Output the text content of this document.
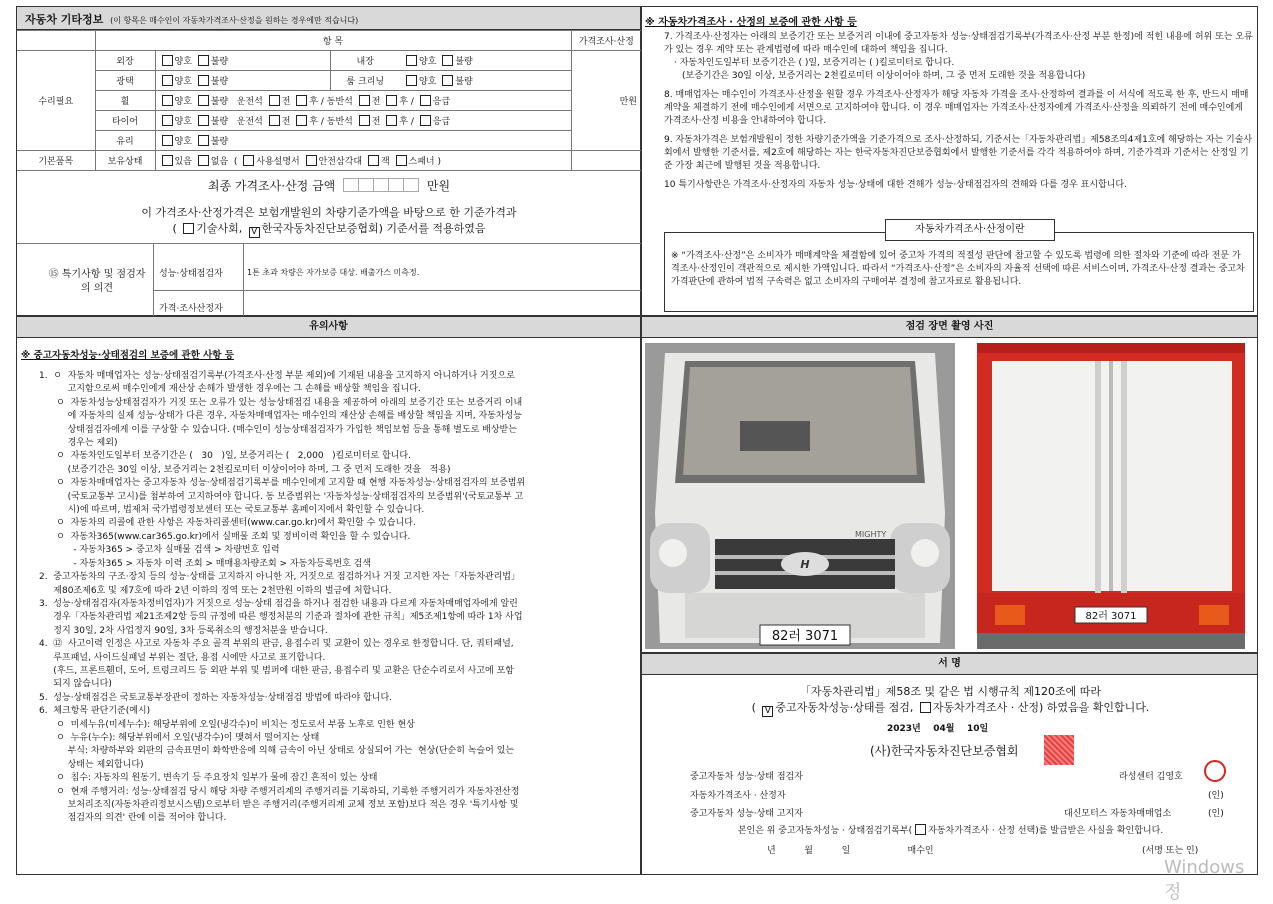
자동차 기타정보 (이 항목은 매수인이 자동차가격조사·산정을 원하는 경우에만 적습니다)
	항 목				가격조사·산정
수리필요	외장	양호 불량	내장	양호 불량	만원
	광택	양호 불량	룸 크리닝	양호 불량	
	휠	양호 불량 운전석 전 후 / 동반석 전 후 / 응급			
	타이어	양호 불량 운전석 전 후 / 동반석 전 후 / 응급			
	유리	양호 불량			
기본품목	보유상태	있음 없음  ( 사용설명서 안전삼각대 잭 스패너 )			
최종 가격조사·산정 금액	만원
이 가격조사·산정가격은 보험개발원의 차량기준가액을 바탕으로 한 기준가격과
( 기술사회, V 한국자동차진단보증협회) 기준서를 적용하였음
⑮ 특기사항 및 점검자의 의견
성능·상태점검자	1톤 초과 차량은 자가보증 대상. 배출가스 미측정.
가격·조사산정자
※ 자동차가격조사 · 산정의 보증에 관한 사항 등
7. 가격조사·산정자는 아래의 보증기간 또는 보증거리 이내에 중고자동차 성능·상태점검기록부(가격조사·산정 부분 한정)에 적힌 내용에 허위 또는 오류가 있는 경우 계약 또는 관계법령에 따라 매수인에 대하여 책임을 집니다.
· 자동차인도일부터 보증기간은 ( )일, 보증거리는 ( )킬로미터로 합니다.
(보증기간은 30일 이상, 보증거리는 2천킬로미터 이상이어야 하며, 그 중 먼저 도래한 것을 적용합니다)
8. 매매업자는 매수인이 가격조사·산정을 원할 경우 가격조사·산정자가 해당 자동차 가격을 조사·산정하여 결과를 이 서식에 적도록 한 후, 반드시 매매계약을 체결하기 전에 매수인에게 서면으로 고지하여야 합니다. 이 경우 매매업자는 가격조사·산정자에게 가격조사·산정을 의뢰하기 전에 매수인에게 가격조사·산정 비용을 안내하여야 합니다.
9. 자동차가격은 보험개발원이 정한 차량기준가액을 기준가격으로 조사·산정하되, 기준서는「자동차관리법」제58조의4제1호에 해당하는 자는 기술사회에서 발행한 기준서를, 제2호에 해당하는 자는 한국자동차진단보증협회에서 발행한 기준서를 각각 적용하여야 하며, 기준가격과 기준서는 산정일 기준 가장 최근에 발행된 것을 적용합니다.
10 특기사항란은 가격조사·산정자의 자동차 성능·상태에 대한 견해가 성능·상태점검자의 견해와 다를 경우 표시합니다.
자동차가격조사·산정이란
※ “가격조사·산정”은 소비자가 매매계약을 체결함에 있어 중고차 가격의 적절성 판단에 참고할 수 있도록 법령에 의한 절차와 기준에 따라 전문 가격조사·산정인이 객관적으로 제시한 가액입니다. 따라서 “가격조사·산정”은 소비자의 자율적 선택에 따른 서비스이며, 가격조사·산정 결과는 중고차 가격판단에 관하여 법적 구속력은 없고 소비자의 구매여부 결정에 참고자료로 활용됩니다.
유의사항
※ 중고자동차성능·상태점검의 보증에 관한 사항 등
1.  ㅇ  자동차 매매업자는 성능·상태점검기록부(가격조사·산정 부분 제외)에 기재된 내용을 고지하지 아니하거나 거짓으로
고지함으로써 매수인에게 재산상 손해가 발생한 경우에는 그 손해를 배상할 책임을 집니다.
ㅇ  자동차성능상태점검자가 거짓 또는 오류가 있는 성능상태점검 내용을 제공하여 아래의 보증기간 또는 보증거리 이내
에 자동차의 실제 성능·상태가 다른 경우, 자동차매매업자는 매수인의 재산상 손해를 배상할 책임을 지며, 자동차성능
상태점검자에게 이를 구상할 수 있습니다. (매수인이 성능상태점검자가 가입한 책임보험 등을 통해 별도로 배상받는
경우는 제외)
ㅇ  자동차인도일부터 보증기간은 (   30   )일, 보증거리는 (   2,000   )킬로미터로 합니다.
(보증기간은 30일 이상, 보증거리는 2천킬로미터 이상이어야 하며, 그 중 먼저 도래한 것을   적용)
ㅇ  자동차매매업자는 중고자동차 성능·상태점검기록부를 매수인에게 고지할 때 현행 자동차성능·상태점검자의 보증범위
(국토교통부 고시)를 첨부하여 고지하여야 합니다. 동 보증범위는 '자동차성능·상태점검자의 보증범위'(국토교통부 고
시)에 따르며, 법제처 국가법령정보센터 또는 국토교통부 홈페이지에서 확인할 수 있습니다.
ㅇ  자동차의 리콜에 관한 사항은 자동차리콜센터(www.car.go.kr)에서 확인할 수 있습니다.
ㅇ  자동차365(www.car365.go.kr)에서 실매물 조회 및 정비이력 확인을 할 수 있습니다.
- 자동차365 > 중고차 실매물 검색 > 차량번호 입력
- 자동차365 > 자동차 이력 조회 > 매매용차량조회 > 자동차등록번호 검색
2.  중고자동차의 구조·장치 등의 성능·상태를 고지하지 아니한 자, 거짓으로 점검하거나 거짓 고지한 자는「자동차관리법」
제80조제6호 및 제7호에 따라 2년 이하의 징역 또는 2천만원 이하의 벌금에 처합니다.
3.  성능·상태점검자(자동차정비업자)가 거짓으로 성능·상태 점검을 하거나 점검한 내용과 다르게 자동차매매업자에게 알린
경우「자동차관리법 제21조제2항 등의 규정에 따른 행정처분의 기준과 절차에 관한 규칙」제5조제1항에 따라 1차 사업
정지 30일, 2차 사업정지 90일, 3차 등록취소의 행정처분을 받습니다.
4.  ⑫  사고이력 인정은 사고로 자동차 주요 골격 부위의 판금, 용접수리 및 교환이 있는 경우로 한정합니다. 단, 쿼터패널,
루프패널, 사이드실패널 부위는 절단, 용접 시에만 사고로 표기합니다.
(후드, 프론트휀더, 도어, 트렁크리드 등 외판 부위 및 범퍼에 대한 판금, 용접수리 및 교환은 단순수리로서 사고에 포함
되지 않습니다)
5.  성능·상태점검은 국토교통부장관이 정하는 자동차성능·상태점검 방법에 따라야 합니다.
6.  체크항목 판단기준(예시)
ㅇ  미세누유(미세누수): 해당부위에 오일(냉각수)이 비치는 정도로서 부품 노후로 인한 현상
ㅇ  누유(누수): 해당부위에서 오일(냉각수)이 맺혀서 떨어지는 상태
부식: 차량하부와 외판의 금속표면이 화학반응에 의해 금속이 아닌 상태로 상실되어 가는  현상(단순히 녹슬어 있는
상태는 제외합니다)
ㅇ  침수: 자동차의 원동기, 변속기 등 주요장치 일부가 물에 잠긴 흔적이 있는 상태
ㅇ  현재 주행거리: 성능·상태점검 당시 해당 차량 주행거리계의 주행거리를 기록하되, 기록한 주행거리가 자동차전산정
보처리조직(자동차관리정보시스템)으로부터 받은 주행거리(주행거리계 교체 정보 포함)보다 적은 경우 '특기사항 및
점검자의 의견' 란에 이를 적어야 합니다.
점검 장면 촬영 사진
H
MIGHTY
82러 3071
82러 3071
서 명
「자동차관리법」제58조 및 같은 법 시행규칙 제120조에 따라
( V 중고자동차성능·상태를 점검, 자동차가격조사 · 산정) 하였음을 확인합니다.
2023년    04월    10일
(사)한국자동차진단보증협회
중고자동차 성능·상태 점검자	라성센터 김영호
자동차가격조사 · 산정자	(인)
중고자동차 성능·상태 고지자	대신모터스 자동차매매업소	(인)
본인은 위 중고자동차성능 · 상태점검기록부( 자동차가격조사 · 산정 선택)를 발급받은 사실을 확인합니다.
년          월          일                    매수인	(서명 또는 인)
Windows 정
